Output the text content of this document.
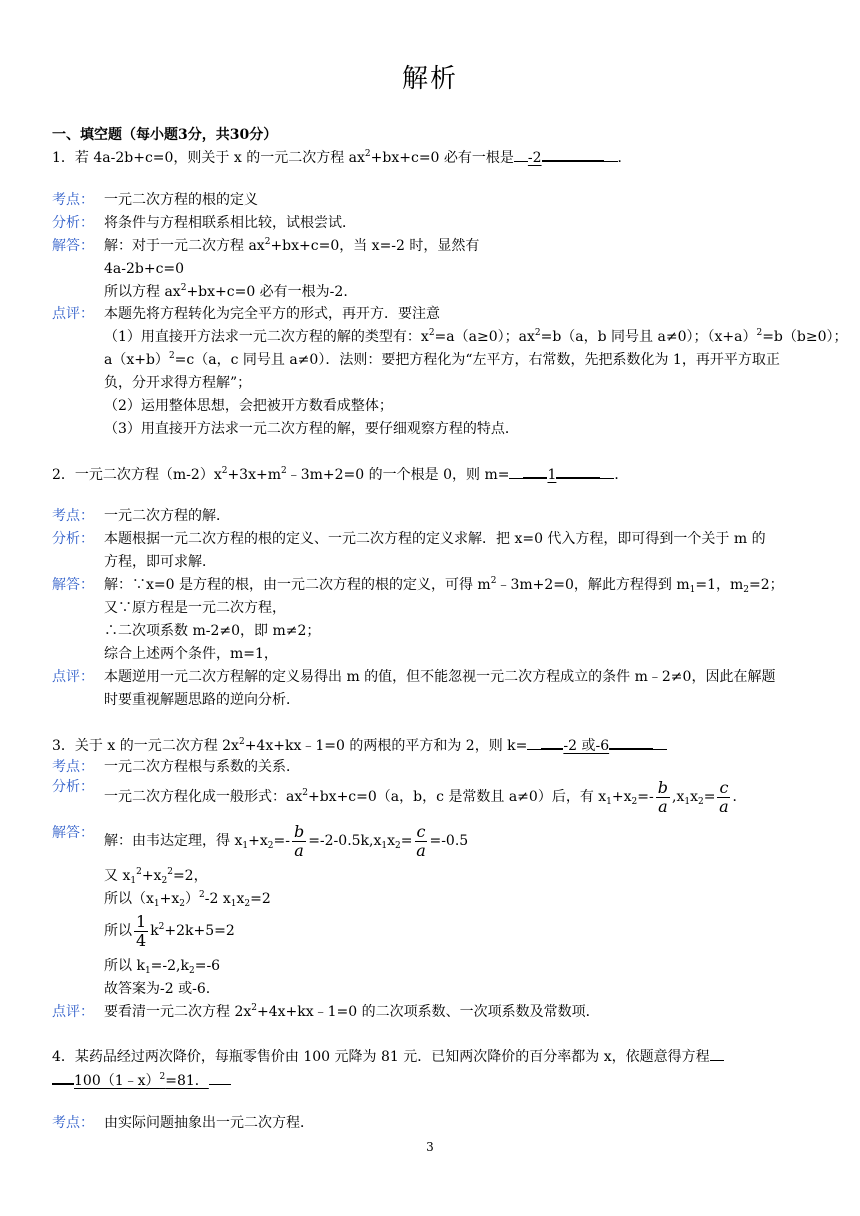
解析
一、填空题（每小题3分，共30分）
1．若 4a-2b+c=0，则关于 x 的一元二次方程 $ax^2+bx+c=0$ 必有一根是 -2	．
考点： 一元二次方程的根的定义
分析： 将条件与方程相联系相比较，试根尝试．
解答： 解：对于一元二次方程 $ax^2+bx+c=0$，当 x=-2 时，显然有
4a-2b+c=0
所以方程 $ax^2+bx+c=0$ 必有一根为-2.
点评： 本题先将方程转化为完全平方的形式，再开方．要注意
（1）用直接开方法求一元二次方程的解的类型有：$x^2=a(a\ge 0)$；$ax^2=b(a$，b 同号且 a≠0）；$(x+a)^2=b(b\ge 0)$；
$a(x+b)^2=c(a$，c 同号且 a≠0）．法则：要把方程化为“左平方，右常数，先把系数化为 1，再开平方取正
负，分开求得方程解”；
（2）运用整体思想，会把被开方数看成整体；
（3）用直接开方法求一元二次方程的解，要仔细观察方程的特点．
2．一元二次方程$(m-2)x^2+3x+m^2﹣3m+2=0$ 的一个根是 0，则 m=	1	．
考点： 一元二次方程的解．
分析： 本题根据一元二次方程的根的定义、一元二次方程的定义求解．把 x=0 代入方程，即可得到一个关于 m 的
方程，即可求解．
解答： 解：∵x=0 是方程的根，由一元二次方程的根的定义，可得 $m^2﹣3m+2=0$，解此方程得到 $m_1=1$，$m_2=2$；
又∵原方程是一元二次方程，
∴二次项系数 m-2≠0，即 m≠2；
综合上述两个条件，m=1，
点评： 本题逆用一元二次方程解的定义易得出 m 的值，但不能忽视一元二次方程成立的条件 m﹣2≠0，因此在解题
时要重视解题思路的逆向分析．
3．关于 x 的一元二次方程 $2x^2+4x+kx﹣1=0$ 的两根的平方和为 2，则 k=	-2 或-6
考点： 一元二次方程根与系数的关系．
分析：
一元二次方程化成一般形式：$ax^2+bx+c=0(a$，b，c 是常数且 a≠0）后，有 $x_1+x_2=- \frac{b}{a} ,x_1x_2= \frac{c}{a}$ ．
解答： 解：由韦达定理，得 $x_1+x_2=- \frac{b}{a} =-2-0.5k,x_1x_2= \frac{c}{a} =-0.5$
又 $x_1^2+x_2^2=2$，
所以$(x_1+x_2)^2-2$ $x_1x_2=2$
所以 $\frac{1}{4} k^2+2k+5=2$
所以 $k_1=-2,k_2=-6$
故答案为-2 或-6.
点评： 要看清一元二次方程 $2x^2+4x+kx﹣1=0$ 的二次项系数、一次项系数及常数项．
4．某药品经过两次降价，每瓶零售价由 100 元降为 81 元．已知两次降价的百分率都为 x，依题意得方程
100（1﹣x）$^2$=81．
考点： 由实际问题抽象出一元二次方程．
3
